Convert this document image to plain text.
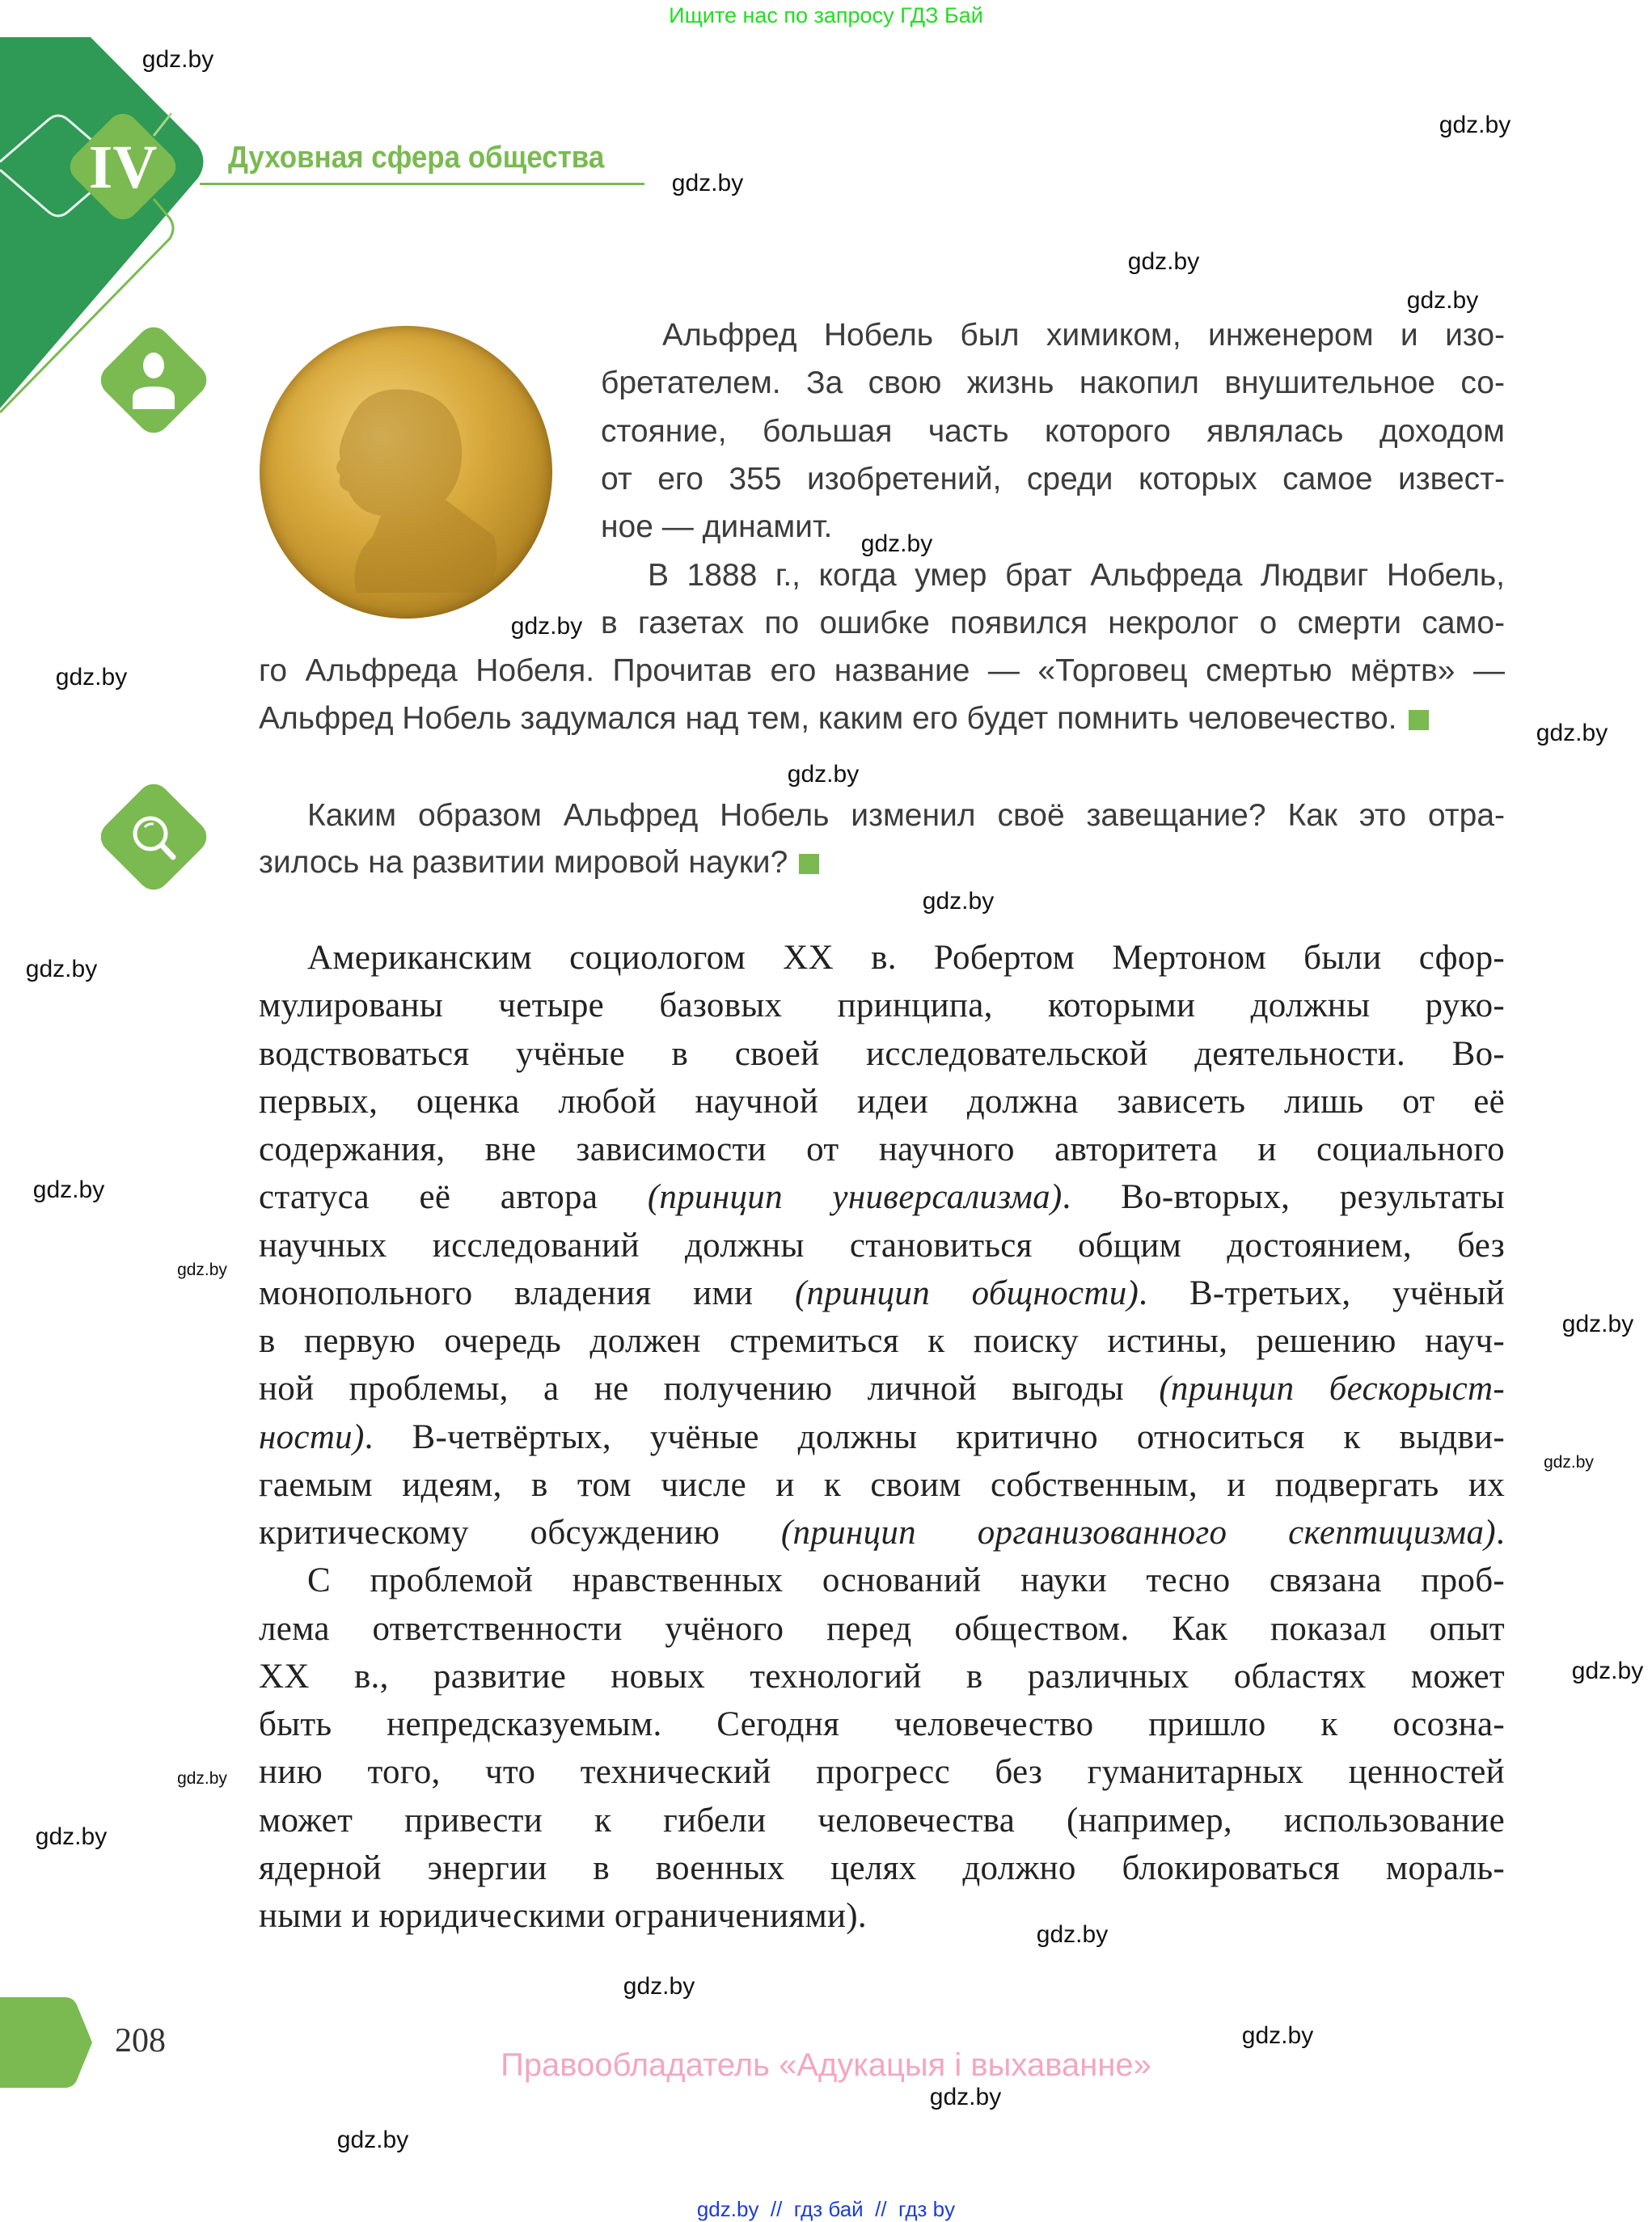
Ищите нас по запросу ГДЗ Бай
IV	Духовная сфера общества
Альфред Нобель был химиком, инженером и изо-
бретателем. За свою жизнь накопил внушительное со-
стояние, большая часть которого являлась доходом
от его 355 изобретений, среди которых самое извест-
ное — динамит.
В 1888 г., когда умер брат Альфреда Людвиг Нобель,
в газетах по ошибке появился некролог о смерти само-
го Альфреда Нобеля. Прочитав его название — «Торговец смертью мёртв» —
Альфред Нобель задумался над тем, каким его будет помнить человечество.
Каким образом Альфред Нобель изменил своё завещание? Как это отра-
зилось на развитии мировой науки?
Американским социологом XX в. Робертом Мертоном были сфор-
мулированы четыре базовых принципа, которыми должны руко-
водствоваться учёные в своей исследовательской деятельности. Во-
первых, оценка любой научной идеи должна зависеть лишь от её
содержания, вне зависимости от научного авторитета и социального
статуса её автора (принцип универсализма). Во-вторых, результаты
научных исследований должны становиться общим достоянием, без
монопольного владения ими (принцип общности). В-третьих, учёный
в первую очередь должен стремиться к поиску истины, решению науч-
ной проблемы, а не получению личной выгоды (принцип бескорыст-
ности). В-четвёртых, учёные должны критично относиться к выдви-
гаемым идеям, в том числе и к своим собственным, и подвергать их
критическому обсуждению (принцип организованного скептицизма).
С проблемой нравственных оснований науки тесно связана проб-
лема ответственности учёного перед обществом. Как показал опыт
XX в., развитие новых технологий в различных областях может
быть непредсказуемым. Сегодня человечество пришло к осозна-
нию того, что технический прогресс без гуманитарных ценностей
может привести к гибели человечества (например, использование
ядерной энергии в военных целях должно блокироваться мораль-
ными и юридическими ограничениями).
gdz.by
gdz.by
gdz.by
gdz.by
gdz.by
gdz.by
gdz.by
gdz.by
gdz.by
gdz.by
gdz.by
gdz.by
gdz.by
gdz.by
gdz.by
gdz.by
gdz.by
gdz.by
gdz.by
gdz.by
gdz.by
gdz.by
gdz.by
gdz.by
208
Правообладатель «Адукацыя і выхаванне»
gdz.by  //  гдз бай  //  гдз by
